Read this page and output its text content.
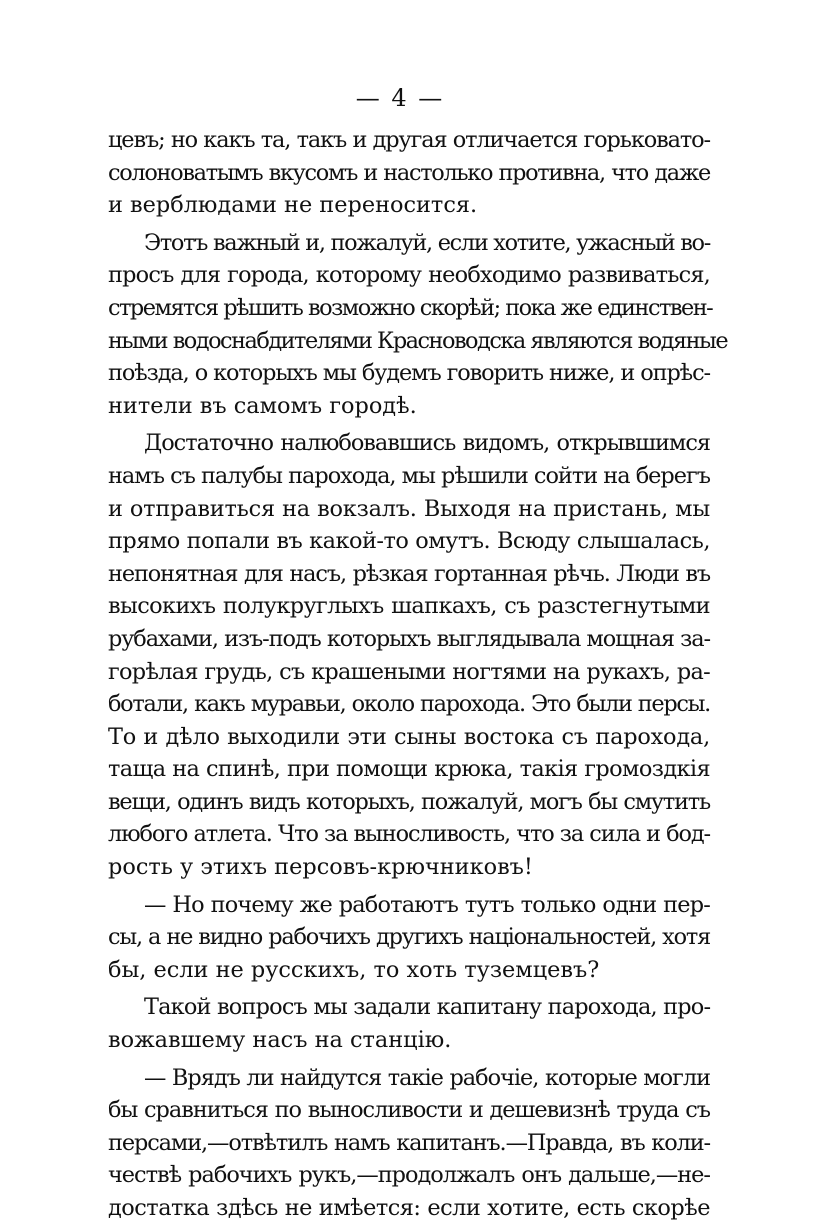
— 4 —
цевъ; но какъ та, такъ и другая отличается горьковато-
солоноватымъ вкусомъ и настолько противна, что даже
и верблюдами не переносится.
Этотъ важный и, пожалуй, если хотите, ужасный во-
просъ для города, которому необходимо развиваться,
стремятся рѣшить возможно скорѣй; пока же единствен-
ными водоснабдителями Красноводска являются водяные
поѣзда, о которыхъ мы будемъ говорить ниже, и опрѣс-
нители въ самомъ городѣ.
Достаточно налюбовавшись видомъ, открывшимся
намъ съ палубы парохода, мы рѣшили сойти на берегъ
и отправиться на вокзалъ. Выходя на пристань, мы
прямо попали въ какой-то омутъ. Всюду слышалась,
непонятная для насъ, рѣзкая гортанная рѣчь. Люди въ
высокихъ полукруглыхъ шапкахъ, съ разстегнутыми
рубахами, изъ-подъ которыхъ выглядывала мощная за-
горѣлая грудь, съ крашеными ногтями на рукахъ, ра-
ботали, какъ муравьи, около парохода. Это были персы.
То и дѣло выходили эти сыны востока съ парохода,
таща на спинѣ, при помощи крюка, такія громоздкія
вещи, одинъ видъ которыхъ, пожалуй, могъ бы смутить
любого атлета. Что за выносливость, что за сила и бод-
рость у этихъ персовъ-крючниковъ!
— Но почему же работаютъ тутъ только одни пер-
сы, а не видно рабочихъ другихъ національностей, хотя
бы, если не русскихъ, то хоть туземцевъ?
Такой вопросъ мы задали капитану парохода, про-
вожавшему насъ на станцію.
— Врядъ ли найдутся такіе рабочіе, которые могли
бы сравниться по выносливости и дешевизнѣ труда съ
персами,—отвѣтилъ намъ капитанъ.—Правда, въ коли-
чествѣ рабочихъ рукъ,—продолжалъ онъ дальше,—не-
достатка здѣсь не имѣется: если хотите, есть скорѣе
